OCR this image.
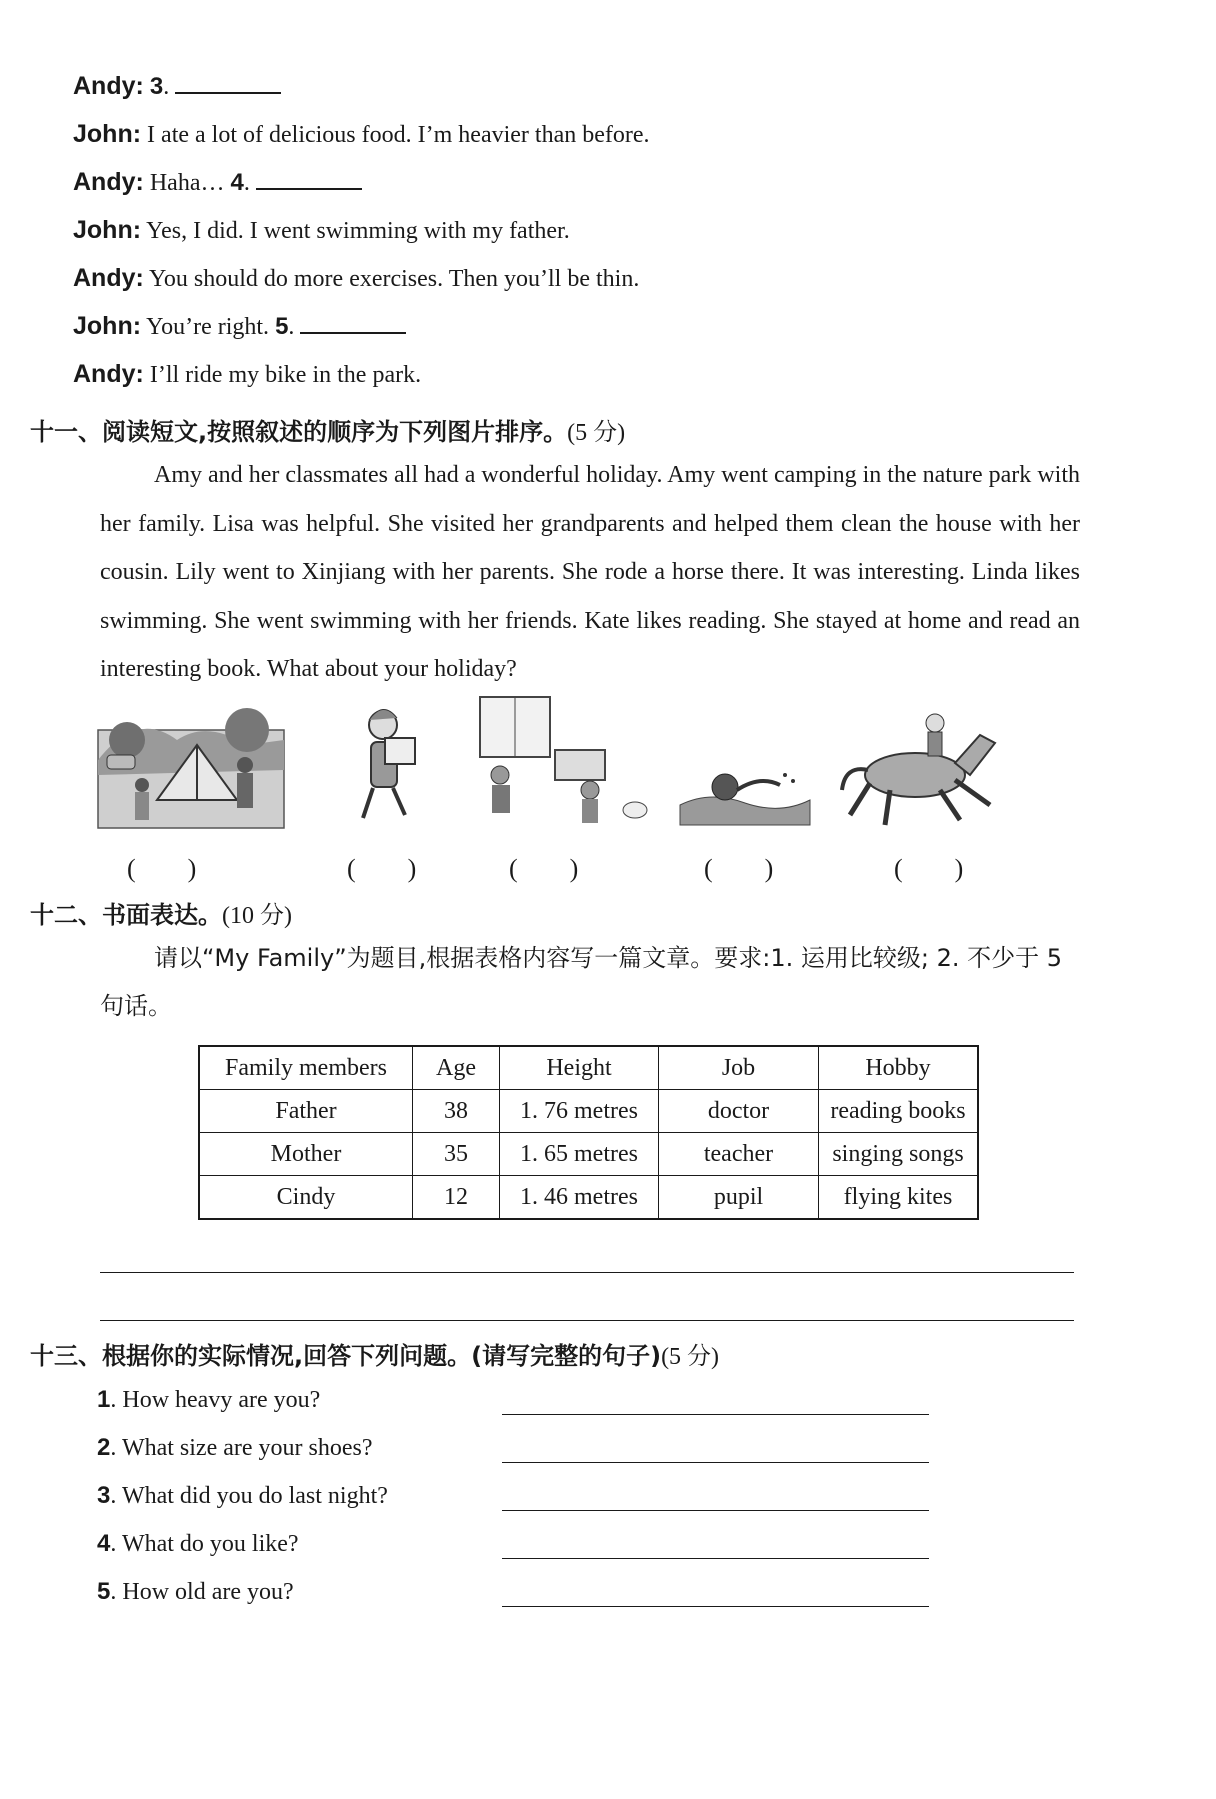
Andy: 3.
John: I ate a lot of delicious food. I’m heavier than before.
Andy: Haha… 4.
John: Yes, I did. I went swimming with my father.
Andy: You should do more exercises. Then you’ll be thin.
John: You’re right. 5.
Andy: I’ll ride my bike in the park.
十一、阅读短文,按照叙述的顺序为下列图片排序。(5 分)
Amy and her classmates all had a wonderful holiday. Amy went camping in the nature park with her family. Lisa was helpful. She visited her grandparents and helped them clean the house with her cousin. Lily went to Xinjiang with her parents. She rode a horse there. It was interesting. Linda likes swimming. She went swimming with her friends. Kate likes reading. She stayed at home and read an interesting book. What about your holiday?
(　　)	(　　)	(　　)	(　　)	(　　)
十二、书面表达。(10 分)
请以“My Family”为题目,根据表格内容写一篇文章。要求:1. 运用比较级; 2. 不少于 5 句话。
Family members	Age	Height	Job	Hobby
Father	38	1. 76 metres	doctor	reading books
Mother	35	1. 65 metres	teacher	singing songs
Cindy	12	1. 46 metres	pupil	flying kites
十三、根据你的实际情况,回答下列问题。(请写完整的句子)(5 分)
1. How heavy are you?
2. What size are your shoes?
3. What did you do last night?
4. What do you like?
5. How old are you?
